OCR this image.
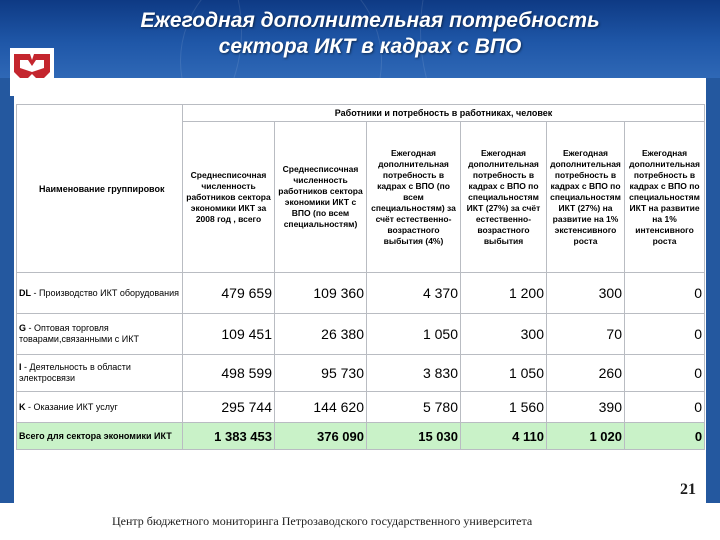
Ежегодная дополнительная потребность
сектора ИКТ в кадрах с ВПО
Наименование группировок	Работники и потребность в работниках, человек					
	Среднесписочная численность работников сектора экономики ИКТ за 2008 год , всего	Среднесписочная численность работников сектора экономики ИКТ с ВПО (по всем специальностям)	Ежегодная дополнительная потребность в кадрах с ВПО (по всем специальностям) за счёт естественно-возрастного выбытия (4%)	Ежегодная дополнительная потребность в кадрах с ВПО по специальностям ИКТ (27%) за счёт естественно-возрастного выбытия	Ежегодная дополнительная потребность в кадрах с ВПО по специальностям ИКТ (27%) на развитие на 1% экстенсивного роста	Ежегодная дополнительная потребность в кадрах с ВПО по специальностям ИКТ на развитие на 1% интенсивного роста
DL - Производство ИКТ оборудования	479 659	109 360	4 370	1 200	300	0
G - Оптовая торговля товарами,связанными с ИКТ	109 451	26 380	1 050	300	70	0
I - Деятельность в области электросвязи	498 599	95 730	3 830	1 050	260	0
K - Оказание ИКТ услуг	295 744	144 620	5 780	1 560	390	0
Всего для сектора экономики ИКТ	1 383 453	376 090	15 030	4 110	1 020	0
21
Центр бюджетного мониторинга Петрозаводского государственного университета
